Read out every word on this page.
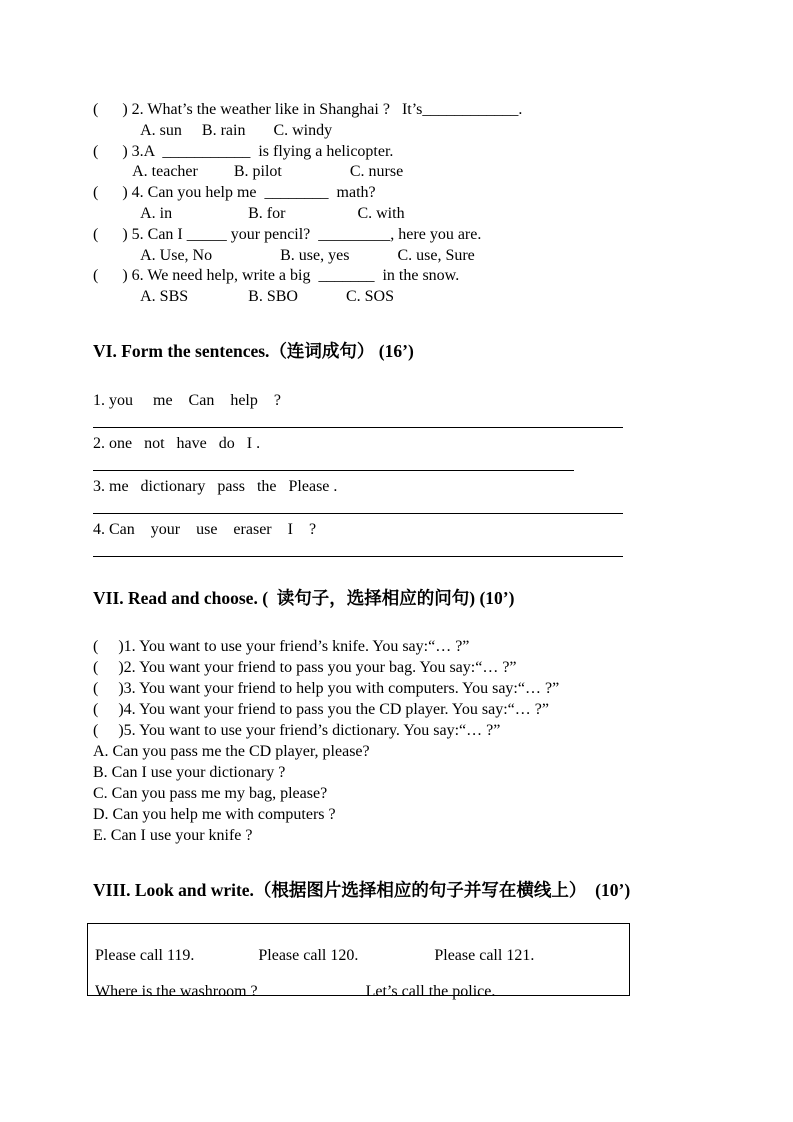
(      ) 2. What’s the weather like in Shanghai ?   It’s____________.
A. sun     B. rain       C. windy
(      ) 3.A  ___________  is flying a helicopter.
A. teacher         B. pilot                 C. nurse
(      ) 4. Can you help me  ________  math?
A. in                   B. for                  C. with
(      ) 5. Can I _____ your pencil?  _________, here you are.
A. Use, No                 B. use, yes            C. use, Sure
(      ) 6. We need help, write a big  _______  in the snow.
A. SBS               B. SBO            C. SOS
VI. Form the sentences.（连词成句） (16’)
1. you     me    Can    help    ?
2. one   not   have   do   I .
3. me   dictionary   pass   the   Please .
4. Can    your    use    eraser    I    ?
VII. Read and choose. (  读句子，选择相应的问句) (10’)
(     )1. You want to use your friend’s knife. You say:“… ?”
(     )2. You want your friend to pass you your bag. You say:“… ?”
(     )3. You want your friend to help you with computers. You say:“… ?”
(     )4. You want your friend to pass you the CD player. You say:“… ?”
(     )5. You want to use your friend’s dictionary. You say:“… ?”
A. Can you pass me the CD player, please?
B. Can I use your dictionary ?
C. Can you pass me my bag, please?
D. Can you help me with computers ?
E. Can I use your knife ?
VIII. Look and write.（根据图片选择相应的句子并写在横线上）  (10’)
Please call 119.                Please call 120.                   Please call 121.
Where is the washroom ?                           Let’s call the police.
